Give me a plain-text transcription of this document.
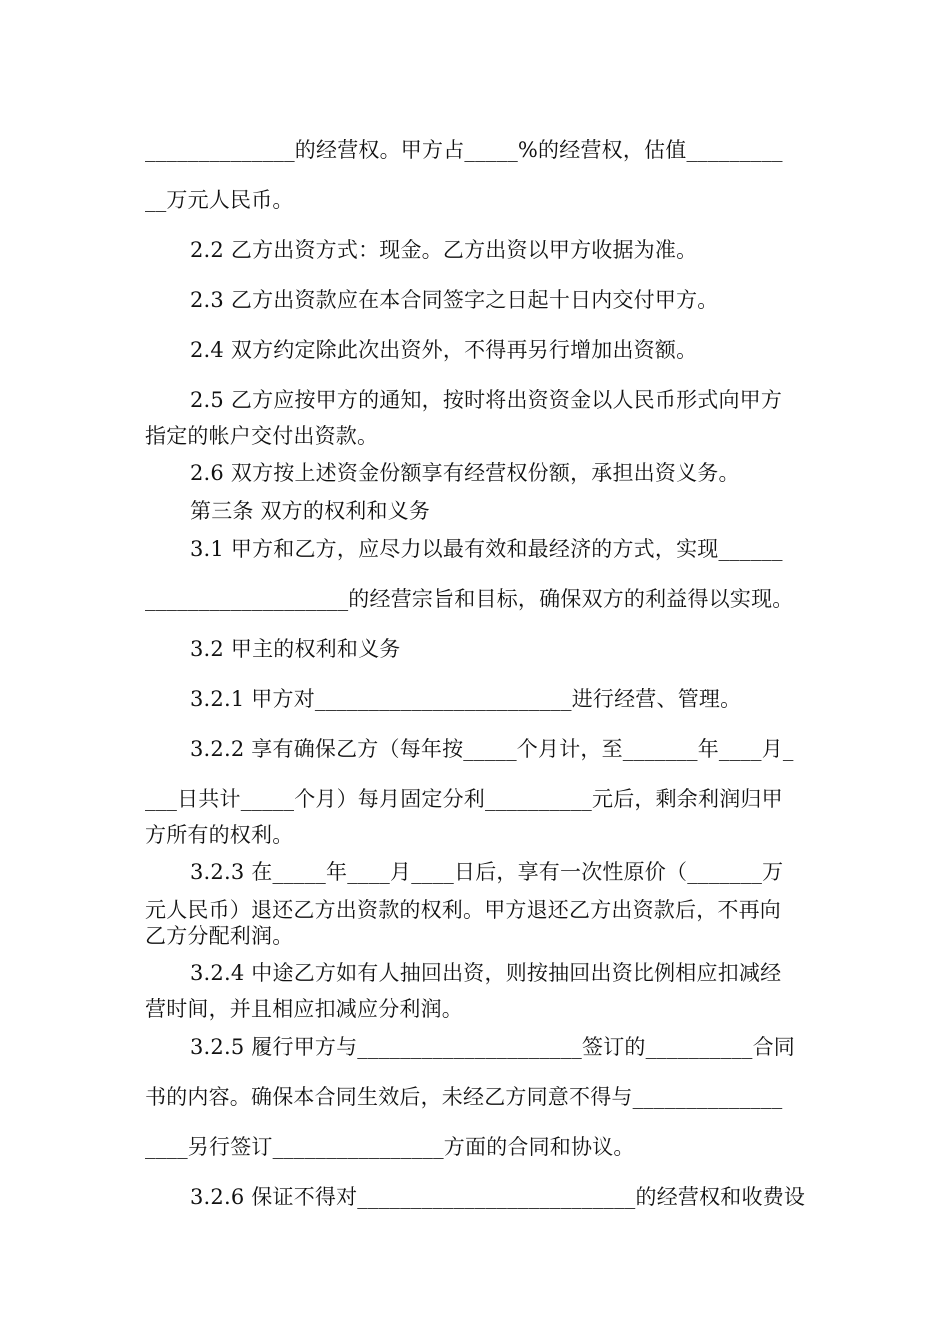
______________的经营权。甲方占_____%的经营权，估值_________
__万元人民币。
2.2 乙方出资方式：现金。乙方出资以甲方收据为准。
2.3 乙方出资款应在本合同签字之日起十日内交付甲方。
2.4 双方约定除此次出资外，不得再另行增加出资额。
2.5 乙方应按甲方的通知，按时将出资资金以人民币形式向甲方
指定的帐户交付出资款。
2.6 双方按上述资金份额享有经营权份额，承担出资义务。
第三条 双方的权利和义务
3.1 甲方和乙方，应尽力以最有效和最经济的方式，实现______
___________________的经营宗旨和目标，确保双方的利益得以实现。
3.2 甲主的权利和义务
3.2.1 甲方对________________________进行经营、管理。
3.2.2 享有确保乙方（每年按_____个月计，至_______年____月_
___日共计_____个月）每月固定分利__________元后，剩余利润归甲
方所有的权利。
3.2.3 在_____年____月____日后，享有一次性原价（_______万
元人民币）退还乙方出资款的权利。甲方退还乙方出资款后，不再向
乙方分配利润。
3.2.4 中途乙方如有人抽回出资，则按抽回出资比例相应扣减经
营时间，并且相应扣减应分利润。
3.2.5 履行甲方与_____________________签订的__________合同
书的内容。确保本合同生效后，未经乙方同意不得与______________
____另行签订________________方面的合同和协议。
3.2.6 保证不得对__________________________的经营权和收费设
